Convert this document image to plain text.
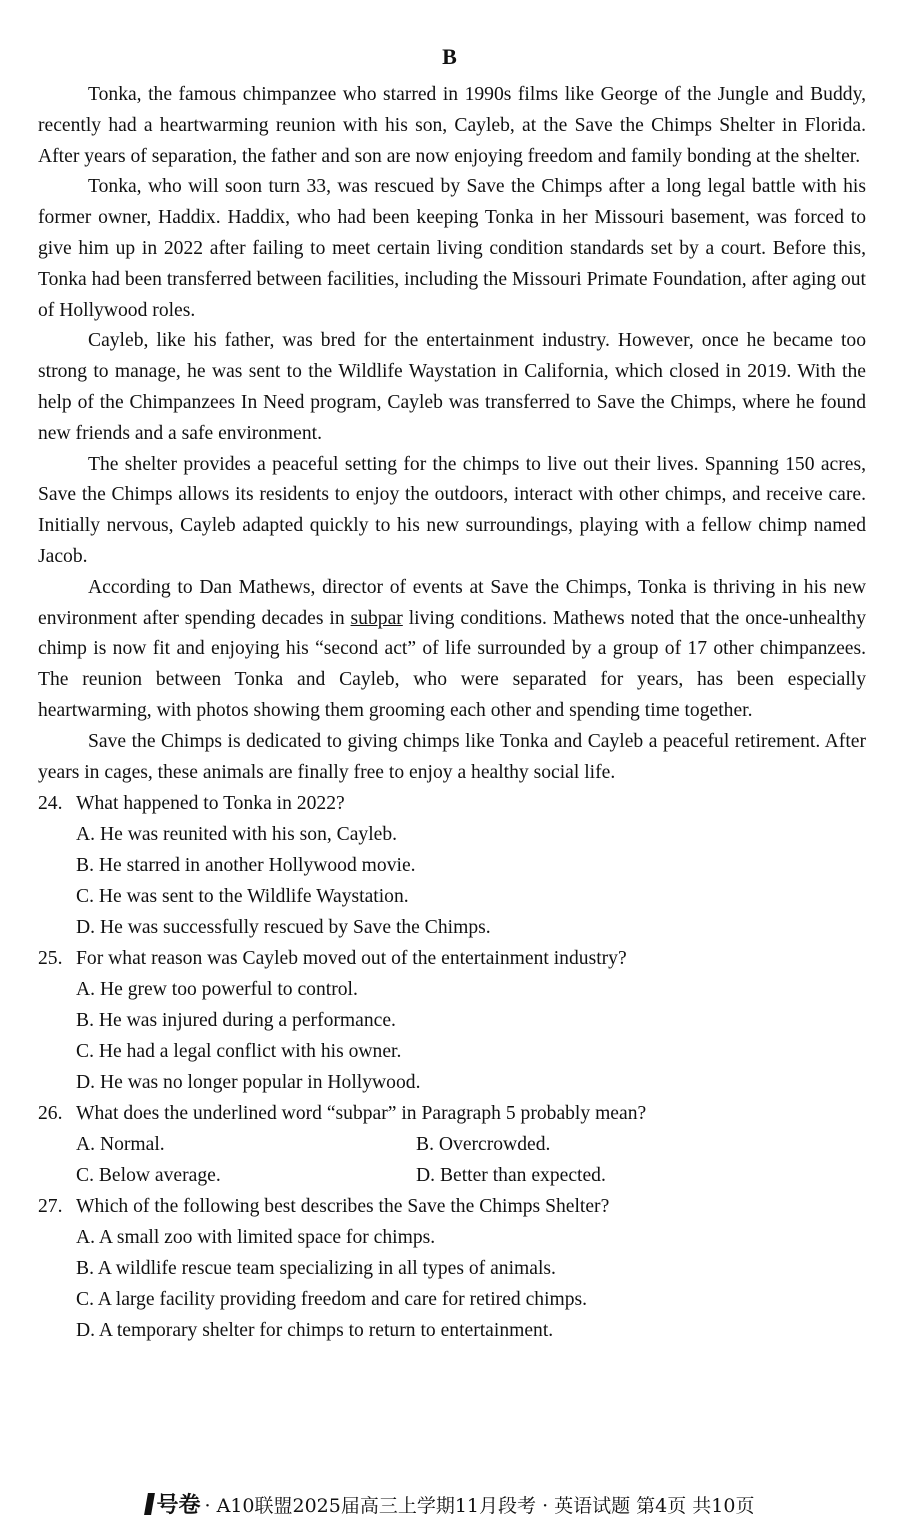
B

Tonka, the famous chimpanzee who starred in 1990s films like George of the Jungle and Buddy, recently had a heartwarming reunion with his son, Cayleb, at the Save the Chimps Shelter in Florida. After years of separation, the father and son are now enjoying freedom and family bonding at the shelter.

Tonka, who will soon turn 33, was rescued by Save the Chimps after a long legal battle with his former owner, Haddix. Haddix, who had been keeping Tonka in her Missouri basement, was forced to give him up in 2022 after failing to meet certain living condition standards set by a court. Before this, Tonka had been transferred between facilities, including the Missouri Primate Foundation, after aging out of Hollywood roles.

Cayleb, like his father, was bred for the entertainment industry. However, once he became too strong to manage, he was sent to the Wildlife Waystation in California, which closed in 2019. With the help of the Chimpanzees In Need program, Cayleb was transferred to Save the Chimps, where he found new friends and a safe environment.

The shelter provides a peaceful setting for the chimps to live out their lives. Spanning 150 acres, Save the Chimps allows its residents to enjoy the outdoors, interact with other chimps, and receive care. Initially nervous, Cayleb adapted quickly to his new surroundings, playing with a fellow chimp named Jacob.

According to Dan Mathews, director of events at Save the Chimps, Tonka is thriving in his new environment after spending decades in subpar living conditions. Mathews noted that the once-unhealthy chimp is now fit and enjoying his “second act” of life surrounded by a group of 17 other chimpanzees. The reunion between Tonka and Cayleb, who were separated for years, has been especially heartwarming, with photos showing them grooming each other and spending time together.

Save the Chimps is dedicated to giving chimps like Tonka and Cayleb a peaceful retirement. After years in cages, these animals are finally free to enjoy a healthy social life.

24. What happened to Tonka in 2022?

A. He was reunited with his son, Cayleb.
B. He starred in another Hollywood movie.
C. He was sent to the Wildlife Waystation.
D. He was successfully rescued by Save the Chimps.

25. For what reason was Cayleb moved out of the entertainment industry?

A. He grew too powerful to control.
B. He was injured during a performance.
C. He had a legal conflict with his owner.
D. He was no longer popular in Hollywood.

26. What does the underlined word “subpar” in Paragraph 5 probably mean?

A. Normal.	B. Overcrowded.
C. Below average.	D. Better than expected.

27. Which of the following best describes the Save the Chimps Shelter?

A. A small zoo with limited space for chimps.
B. A wildlife rescue team specializing in all types of animals.
C. A large facility providing freedom and care for retired chimps.
D. A temporary shelter for chimps to return to entertainment.
号卷 · A10联盟2025届高三上学期11月段考 · 英语试题 第4页 共10页
